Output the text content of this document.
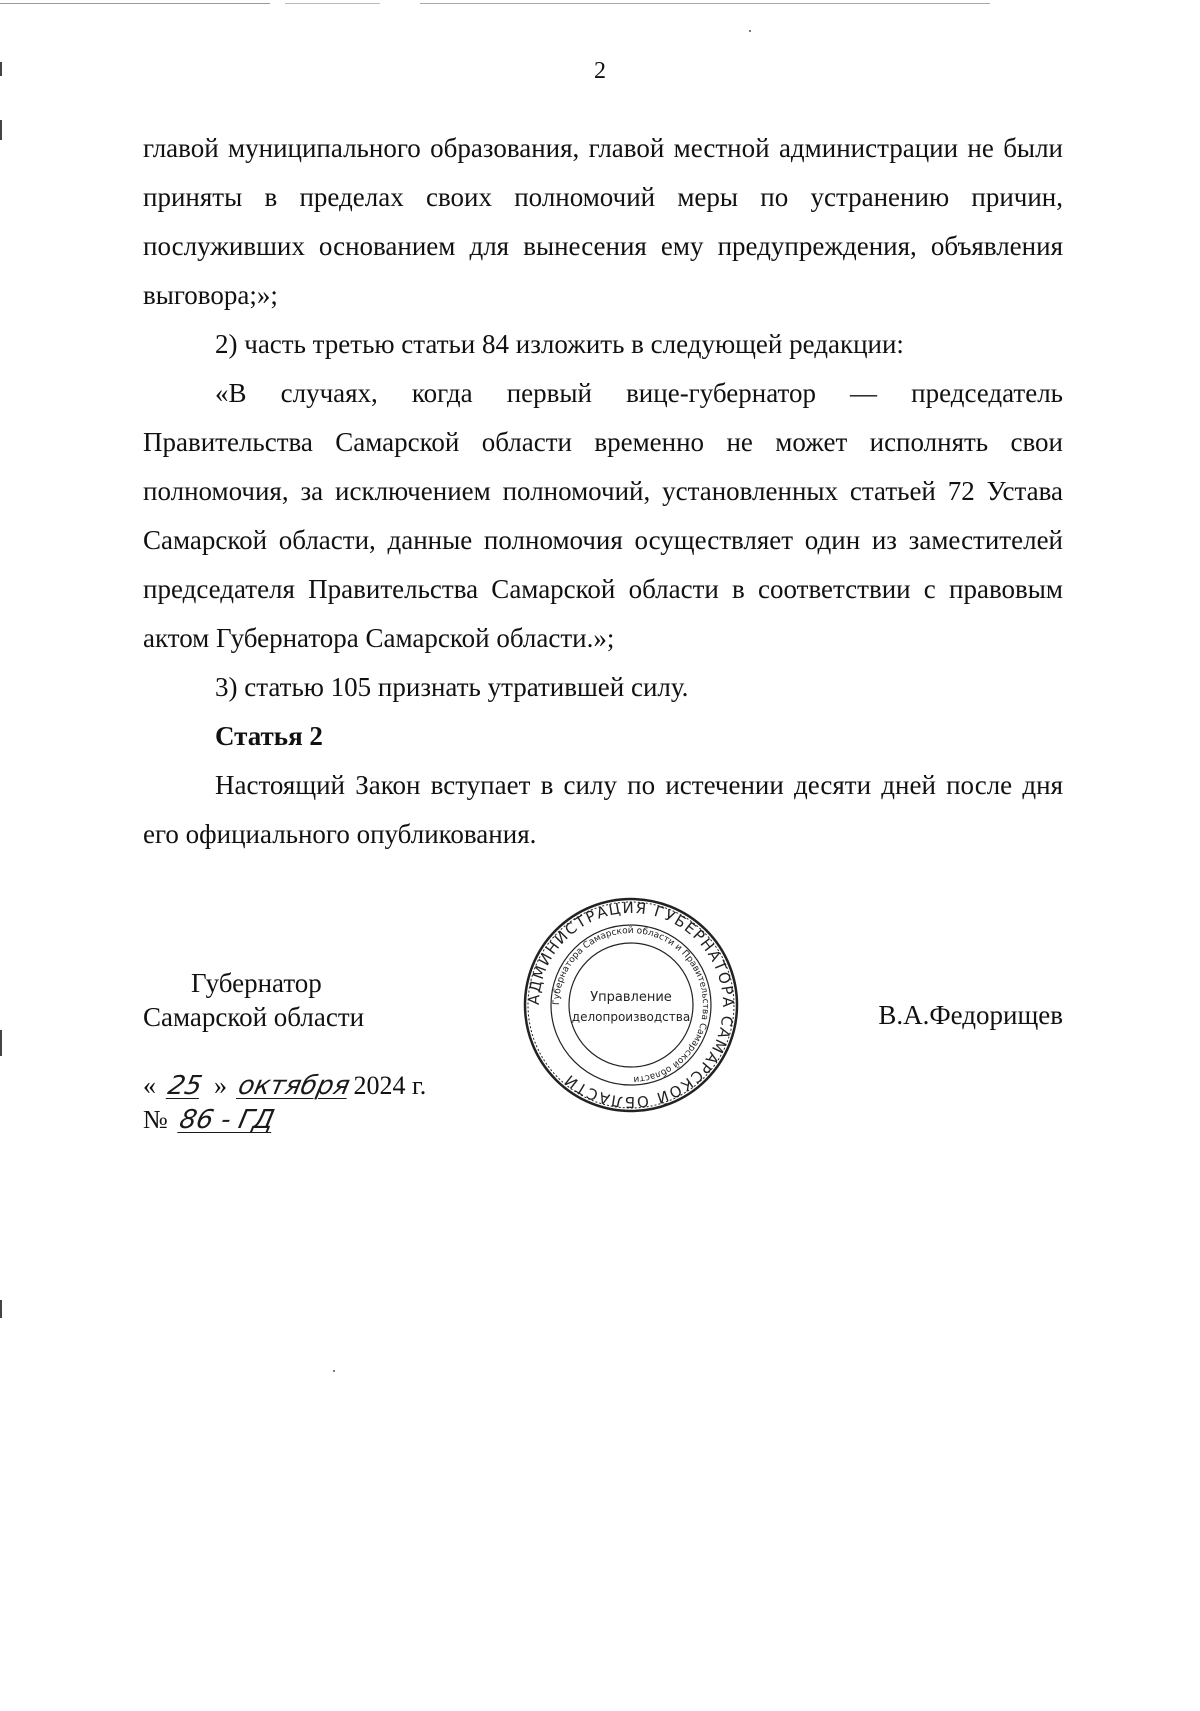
2

главой муниципального образования, главой местной администрации не были приняты в пределах своих полномочий меры по устранению причин, послуживших основанием для вынесения ему предупреждения, объявления выговора;»;

2) часть третью статьи 84 изложить в следующей редакции:

«В случаях, когда первый вице-губернатор — председатель Правительства Самарской области временно не может исполнять свои полномочия, за исключением полномочий, установленных статьей 72 Устава Самарской области, данные полномочия осуществляет один из заместителей председателя Правительства Самарской области в соответствии с правовым актом Губернатора Самарской области.»;

3) статью 105 признать утратившей силу.

Статья 2

Настоящий Закон вступает в силу по истечении десяти дней после дня его официального опубликования.

Губернатор
Самарской области	В.А.Федорищев
« 25 » октября2024 г.
№ 86 - ГД
АДМИНИСТРАЦИЯ ГУБЕРНАТОРА САМАРСКОЙ ОБЛАСТИ
Губернатора Самарской области и Правительства Самарской области
Управление
делопроизводства
